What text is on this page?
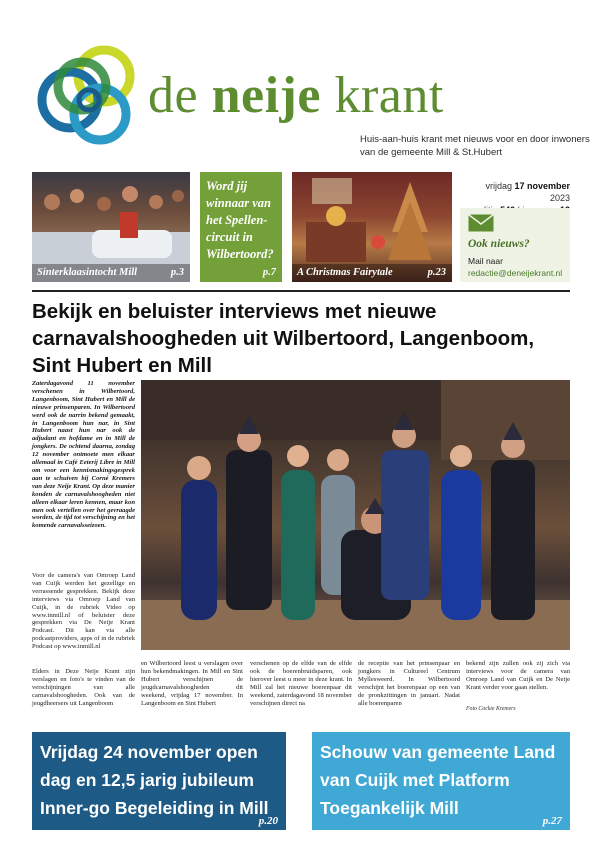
de neije krant
Huis-aan-huis krant met nieuws voor en door inwoners
van de gemeente Mill & St.Hubert
Sinterklaasintocht Mill	p.3
Word jij winnaar van het Spellen-circuit in Wilbertoord?
p.7	A Christmas Fairytale	p.23
vrijdag 17 november 2023
Ook nieuws?
Mail naar
redactie@deneijekrant.nl
Bekijk en beluister interviews met nieuwe carnavalshoogheden uit Wilbertoord, Langenboom, Sint Hubert en Mill
Zaterdagavond 11 november verschenen in Wilbertoord, Langenboom, Sint Hubert en Mill de nieuwe prinsenparen. In Wilbertoord werd ook de narrin bekend gemaakt, in Langenboom hun nar, in Sint Hubert naast hun nar ook de adjudant en hofdame en in Mill de jongkers. De ochtend daarna, zondag 12 november ontmoete men elkaar allemaal in Café Eeterij Libre in Mill om voor een kennismakingsgesprek aan te schuiven bij Corné Kremers van deze Neije Krant. Op deze manier konden de carnavalshoogheden niet alleen elkaar leren kennen, maar kon men ook vertellen over het gevraagde worden, de tijd tot verschijning en het komende carnavalsseizoen.
Voor de camera's van Omroep Land van Cuijk werden het gezellige en verrassende gesprekken. Bekijk deze interviews via Omroep Land van Cuijk, in de rubriek Video op www.inmill.nl of beluister deze gesprekken via De Neije Krant Podcast. Dit kan via alle podcastproviders, apps of in de rubriek Podcast op www.inmill.nl
Elders in Deze Neije Krant zijn verslagen en foto's te vinden van de verschijningen van alle carnavalshoogheden. Ook van de jeugdheersers uit Langenboom
en Wilbertoord leest u verslagen over hun bekendmakingen. In Mill en Sint Hubert verschijnen de jeugdcarnavalshoogheden dit weekend, vrijdag 17 november. In Langenboom en Sint Hubert
verschenen op de elfde van de elfde ook de boerenbruidsparen, ook hierover leest u meer in deze krant. In Mill zal het nieuwe boerenpaar dit weekend, zaterdagavond 18 november verschijnen direct na
de receptie van het prinsenpaar en jongkers in Cultureel Centrum Myllesweerd. In Wilbertoord verschijnt het boerenpaar op een van de pronkzittingen in januari. Nadat alle boerenparen
bekend zijn zullen ook zij zich via interviews voor de camera van Omroep Land van Cuijk en De Neije Krant verder voor gaan stellen.
Foto Cockie Kremers
Vrijdag 24 november open dag en 12,5 jarig jubileum Inner-go Begeleiding in Mill
p.20
Schouw van gemeente Land van Cuijk met Platform Toegankelijk Mill
p.27
